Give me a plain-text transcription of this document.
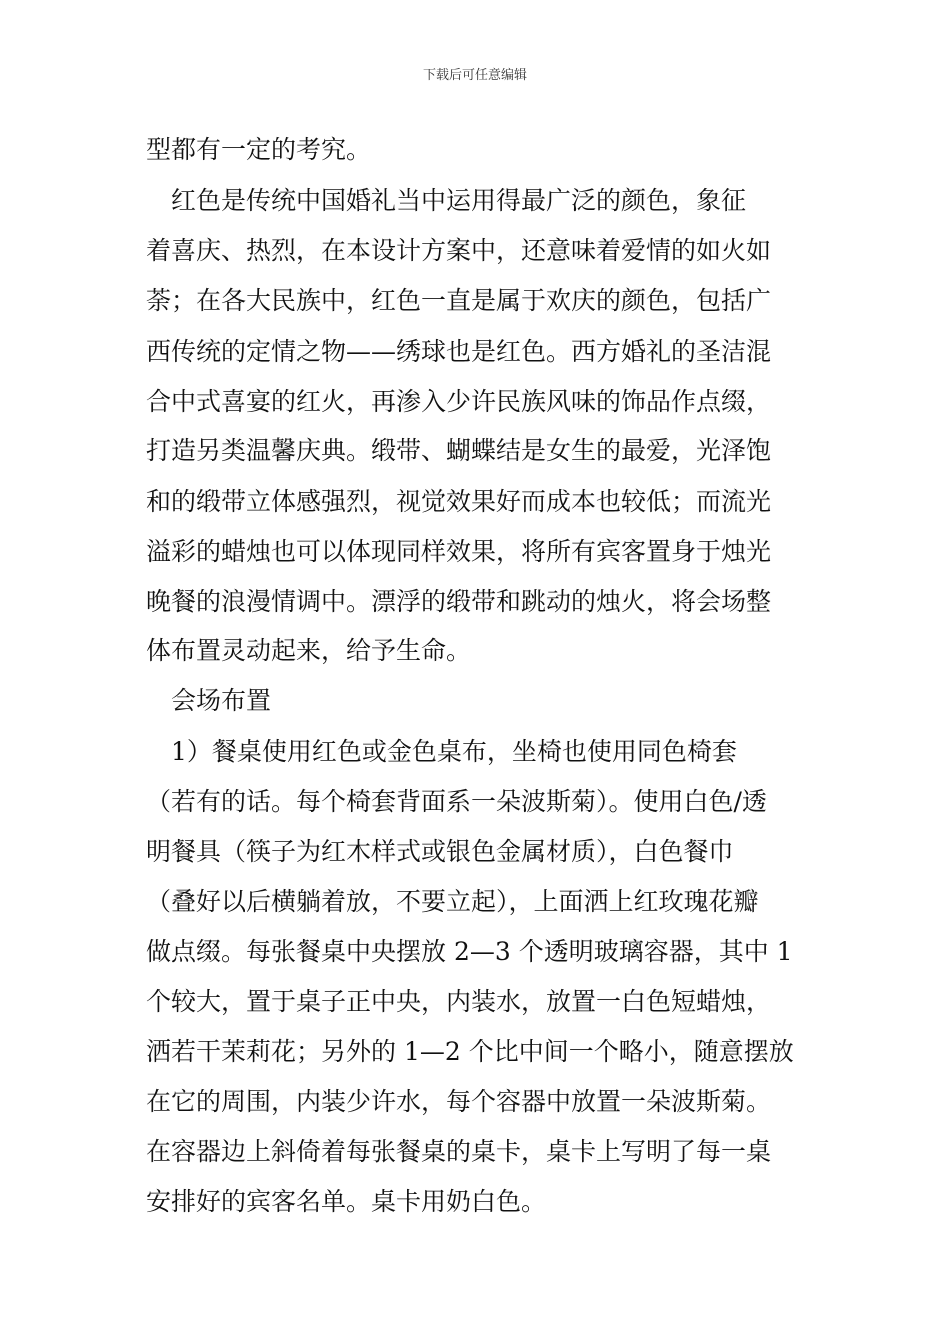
下载后可任意编辑
型都有一定的考究。
　红色是传统中国婚礼当中运用得最广泛的颜色，象征
着喜庆、热烈，在本设计方案中，还意味着爱情的如火如
荼；在各大民族中，红色一直是属于欢庆的颜色，包括广
西传统的定情之物——绣球也是红色。西方婚礼的圣洁混
合中式喜宴的红火，再渗入少许民族风味的饰品作点缀，
打造另类温馨庆典。缎带、蝴蝶结是女生的最爱，光泽饱
和的缎带立体感强烈，视觉效果好而成本也较低；而流光
溢彩的蜡烛也可以体现同样效果，将所有宾客置身于烛光
晚餐的浪漫情调中。漂浮的缎带和跳动的烛火，将会场整
体布置灵动起来，给予生命。
　会场布置
　1）餐桌使用红色或金色桌布，坐椅也使用同色椅套
（若有的话。每个椅套背面系一朵波斯菊）。使用白色/透
明餐具（筷子为红木样式或银色金属材质），白色餐巾
（叠好以后横躺着放，不要立起），上面洒上红玫瑰花瓣
做点缀。每张餐桌中央摆放 2—3 个透明玻璃容器，其中 1
个较大，置于桌子正中央，内装水，放置一白色短蜡烛，
洒若干茉莉花；另外的 1—2 个比中间一个略小，随意摆放
在它的周围，内装少许水，每个容器中放置一朵波斯菊。
在容器边上斜倚着每张餐桌的桌卡，桌卡上写明了每一桌
安排好的宾客名单。桌卡用奶白色。
